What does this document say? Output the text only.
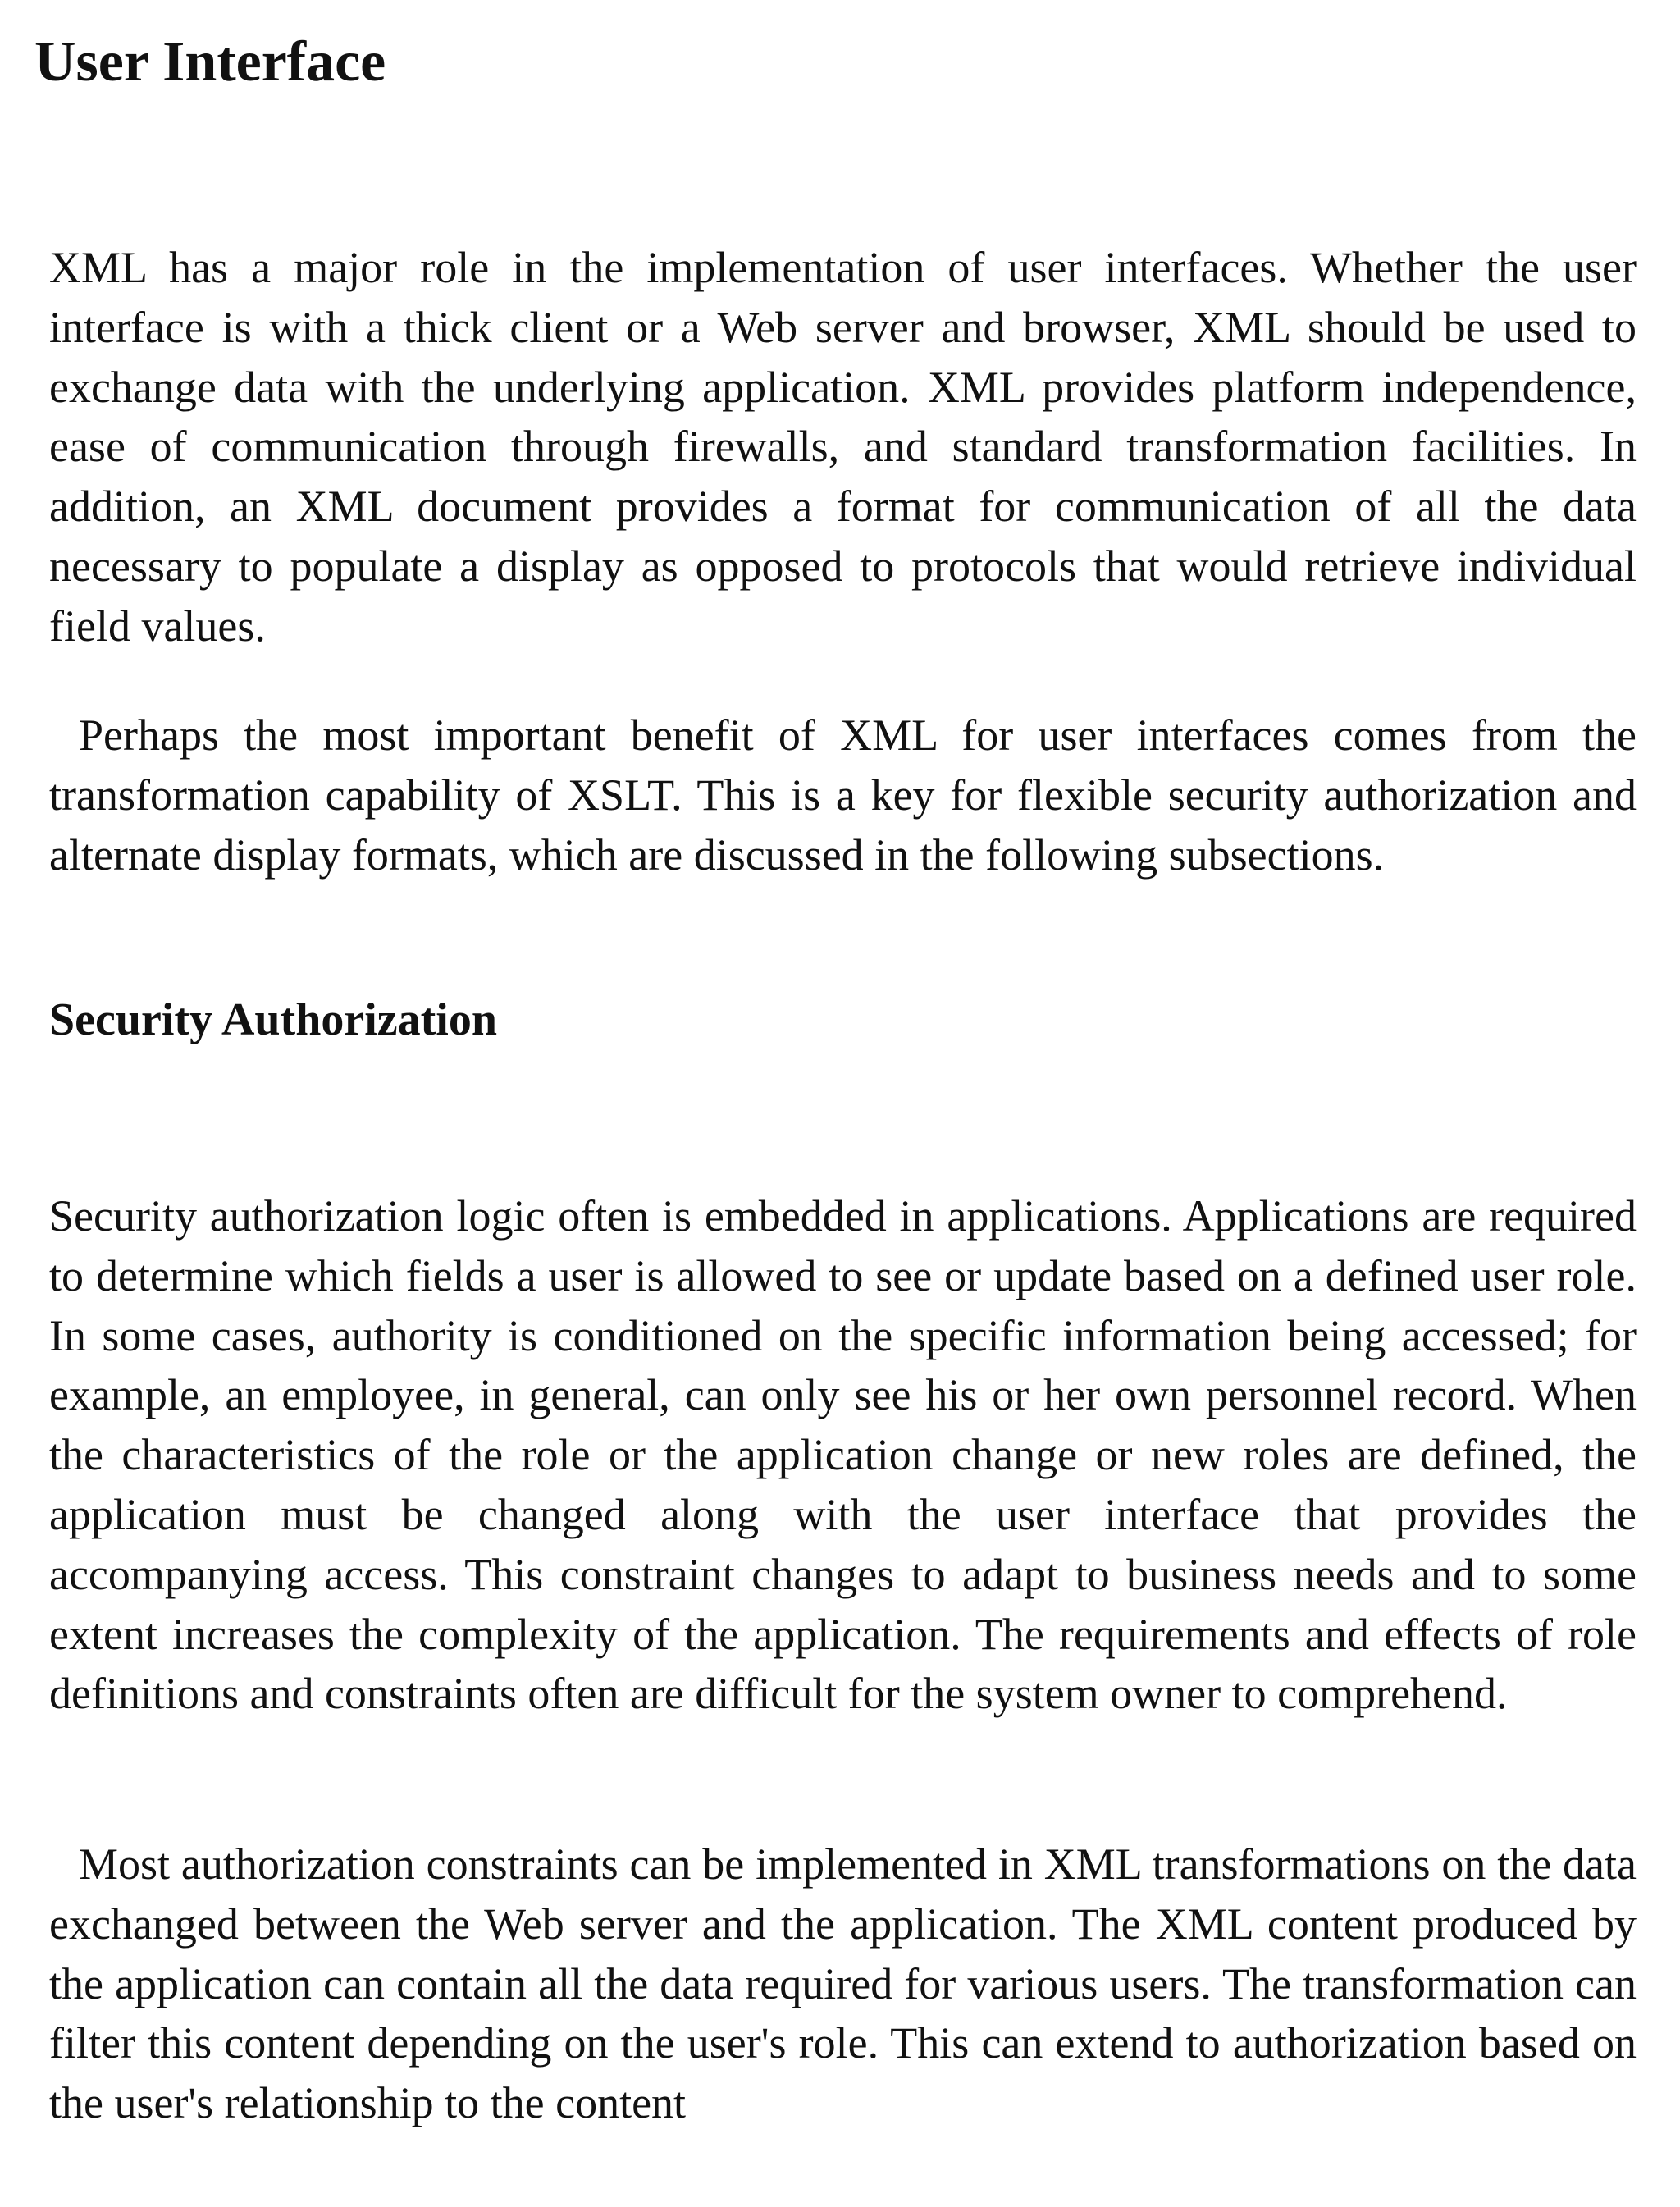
User Interface

XML has a major role in the implementation of user interfaces. Whether the user interface is with a thick client or a Web server and browser, XML should be used to exchange data with the underlying application. XML provides platform independence, ease of communication through firewalls, and standard transformation facilities. In addition, an XML document provides a format for communication of all the data necessary to populate a display as opposed to protocols that would retrieve individual field values.

Perhaps the most important benefit of XML for user interfaces comes from the transformation capability of XSLT. This is a key for flexible security authorization and alternate display formats, which are discussed in the following subsections.

Security Authorization

Security authorization logic often is embedded in applications. Applications are required to determine which fields a user is allowed to see or update based on a defined user role. In some cases, authority is conditioned on the specific information being accessed; for example, an employee, in general, can only see his or her own personnel record. When the characteristics of the role or the application change or new roles are defined, the application must be changed along with the user interface that provides the accompanying access. This constraint changes to adapt to business needs and to some extent increases the complexity of the application. The requirements and effects of role definitions and constraints often are difficult for the system owner to comprehend.

Most authorization constraints can be implemented in XML transformations on the data exchanged between the Web server and the application. The XML content produced by the application can contain all the data required for various users. The transformation can filter this content depending on the user's role. This can extend to authorization based on the user's relationship to the content
